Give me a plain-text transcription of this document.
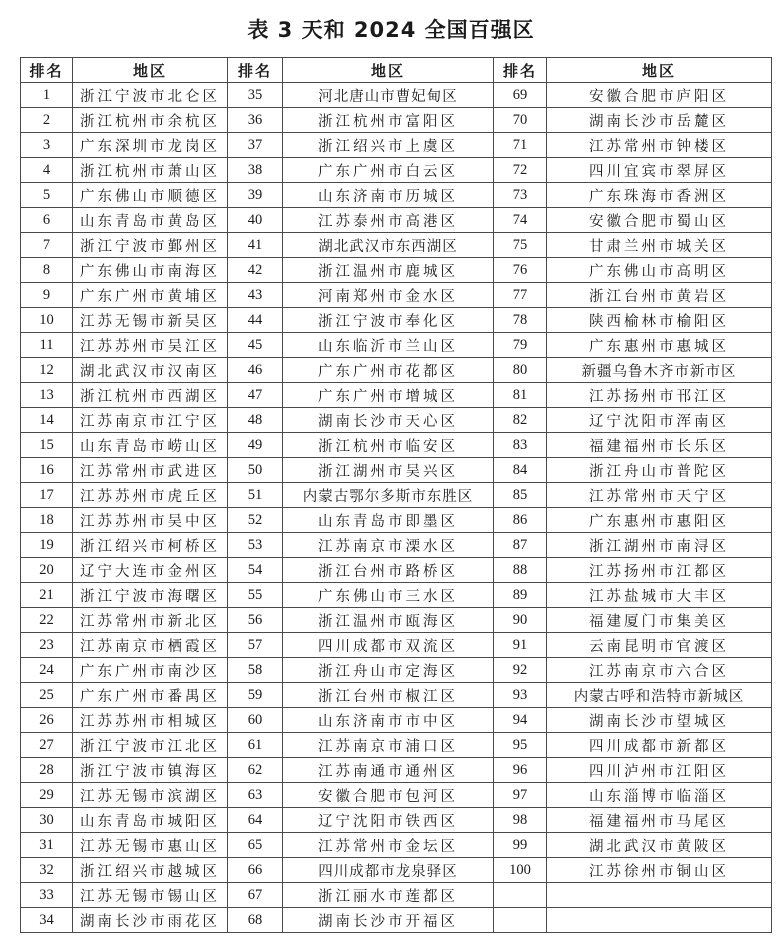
表 3 天和 2024 全国百强区
排名	地区	排名	地区	排名	地区
1	浙江宁波市北仑区	35	河北唐山市曹妃甸区	69	安徽合肥市庐阳区
2	浙江杭州市余杭区	36	浙江杭州市富阳区	70	湖南长沙市岳麓区
3	广东深圳市龙岗区	37	浙江绍兴市上虞区	71	江苏常州市钟楼区
4	浙江杭州市萧山区	38	广东广州市白云区	72	四川宜宾市翠屏区
5	广东佛山市顺德区	39	山东济南市历城区	73	广东珠海市香洲区
6	山东青岛市黄岛区	40	江苏泰州市高港区	74	安徽合肥市蜀山区
7	浙江宁波市鄞州区	41	湖北武汉市东西湖区	75	甘肃兰州市城关区
8	广东佛山市南海区	42	浙江温州市鹿城区	76	广东佛山市高明区
9	广东广州市黄埔区	43	河南郑州市金水区	77	浙江台州市黄岩区
10	江苏无锡市新吴区	44	浙江宁波市奉化区	78	陕西榆林市榆阳区
11	江苏苏州市吴江区	45	山东临沂市兰山区	79	广东惠州市惠城区
12	湖北武汉市汉南区	46	广东广州市花都区	80	新疆乌鲁木齐市新市区
13	浙江杭州市西湖区	47	广东广州市增城区	81	江苏扬州市邗江区
14	江苏南京市江宁区	48	湖南长沙市天心区	82	辽宁沈阳市浑南区
15	山东青岛市崂山区	49	浙江杭州市临安区	83	福建福州市长乐区
16	江苏常州市武进区	50	浙江湖州市吴兴区	84	浙江舟山市普陀区
17	江苏苏州市虎丘区	51	内蒙古鄂尔多斯市东胜区	85	江苏常州市天宁区
18	江苏苏州市吴中区	52	山东青岛市即墨区	86	广东惠州市惠阳区
19	浙江绍兴市柯桥区	53	江苏南京市溧水区	87	浙江湖州市南浔区
20	辽宁大连市金州区	54	浙江台州市路桥区	88	江苏扬州市江都区
21	浙江宁波市海曙区	55	广东佛山市三水区	89	江苏盐城市大丰区
22	江苏常州市新北区	56	浙江温州市瓯海区	90	福建厦门市集美区
23	江苏南京市栖霞区	57	四川成都市双流区	91	云南昆明市官渡区
24	广东广州市南沙区	58	浙江舟山市定海区	92	江苏南京市六合区
25	广东广州市番禺区	59	浙江台州市椒江区	93	内蒙古呼和浩特市新城区
26	江苏苏州市相城区	60	山东济南市市中区	94	湖南长沙市望城区
27	浙江宁波市江北区	61	江苏南京市浦口区	95	四川成都市新都区
28	浙江宁波市镇海区	62	江苏南通市通州区	96	四川泸州市江阳区
29	江苏无锡市滨湖区	63	安徽合肥市包河区	97	山东淄博市临淄区
30	山东青岛市城阳区	64	辽宁沈阳市铁西区	98	福建福州市马尾区
31	江苏无锡市惠山区	65	江苏常州市金坛区	99	湖北武汉市黄陂区
32	浙江绍兴市越城区	66	四川成都市龙泉驿区	100	江苏徐州市铜山区
33	江苏无锡市锡山区	67	浙江丽水市莲都区		
34	湖南长沙市雨花区	68	湖南长沙市开福区		
